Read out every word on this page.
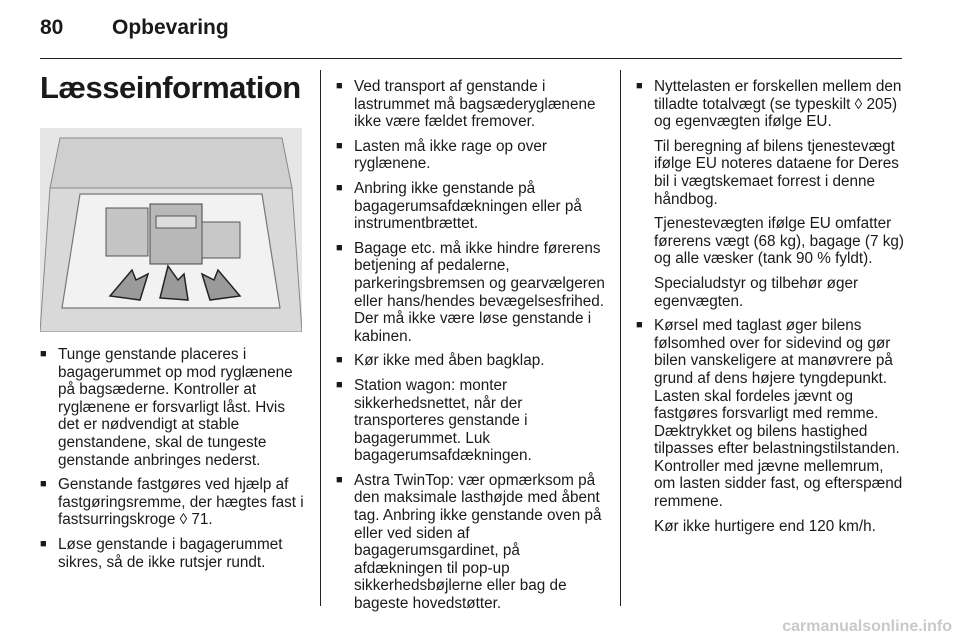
80 Opbevaring
Læsseinformation
■ Tunge genstande placeres i bagagerummet op mod ryglænene på bagsæderne. Kontroller at ryglænene er forsvarligt låst. Hvis det er nødvendigt at stable genstandene, skal de tungeste genstande anbringes nederst.
■ Genstande fastgøres ved hjælp af fastgøringsremme, der hægtes fast i fastsurringskroge ◊ 71.
■ Løse genstande i bagagerummet sikres, så de ikke rutsjer rundt.
■ Ved transport af genstande i lastrummet må bagsæderyglænene ikke være fældet fremover.
■ Lasten må ikke rage op over ryglænene.
■ Anbring ikke genstande på bagagerumsafdækningen eller på instrumentbrættet.
■ Bagage etc. må ikke hindre førerens betjening af pedalerne, parkeringsbremsen og gearvælgeren eller hans/hendes bevægelsesfrihed. Der må ikke være løse genstande i kabinen.
■ Kør ikke med åben bagklap.
■ Station wagon: monter sikkerhedsnettet, når der transporteres genstande i bagagerummet. Luk bagagerumsafdækningen.
■ Astra TwinTop: vær opmærksom på den maksimale lasthøjde med åbent tag. Anbring ikke genstande oven på eller ved siden af bagagerumsgardinet, på afdækningen til pop-up sikkerhedsbøjlerne eller bag de bageste hovedstøtter.
■ Nyttelasten er forskellen mellem den tilladte totalvægt (se typeskilt ◊ 205) og egenvægten ifølge EU.

Til beregning af bilens tjenestevægt ifølge EU noteres dataene for Deres bil i vægtskemaet forrest i denne håndbog.

Tjenestevægten ifølge EU omfatter førerens vægt (68 kg), bagage (7 kg) og alle væsker (tank 90 % fyldt).

Specialudstyr og tilbehør øger egenvægten.

■ Kørsel med taglast øger bilens følsomhed over for sidevind og gør bilen vanskeligere at manøvrere på grund af dens højere tyngdepunkt. Lasten skal fordeles jævnt og fastgøres forsvarligt med remme. Dæktrykket og bilens hastighed tilpasses efter belastningstilstanden. Kontroller med jævne mellemrum, om lasten sidder fast, og efterspænd remmene.

Kør ikke hurtigere end 120 km/h.

carmanualsonline.info
